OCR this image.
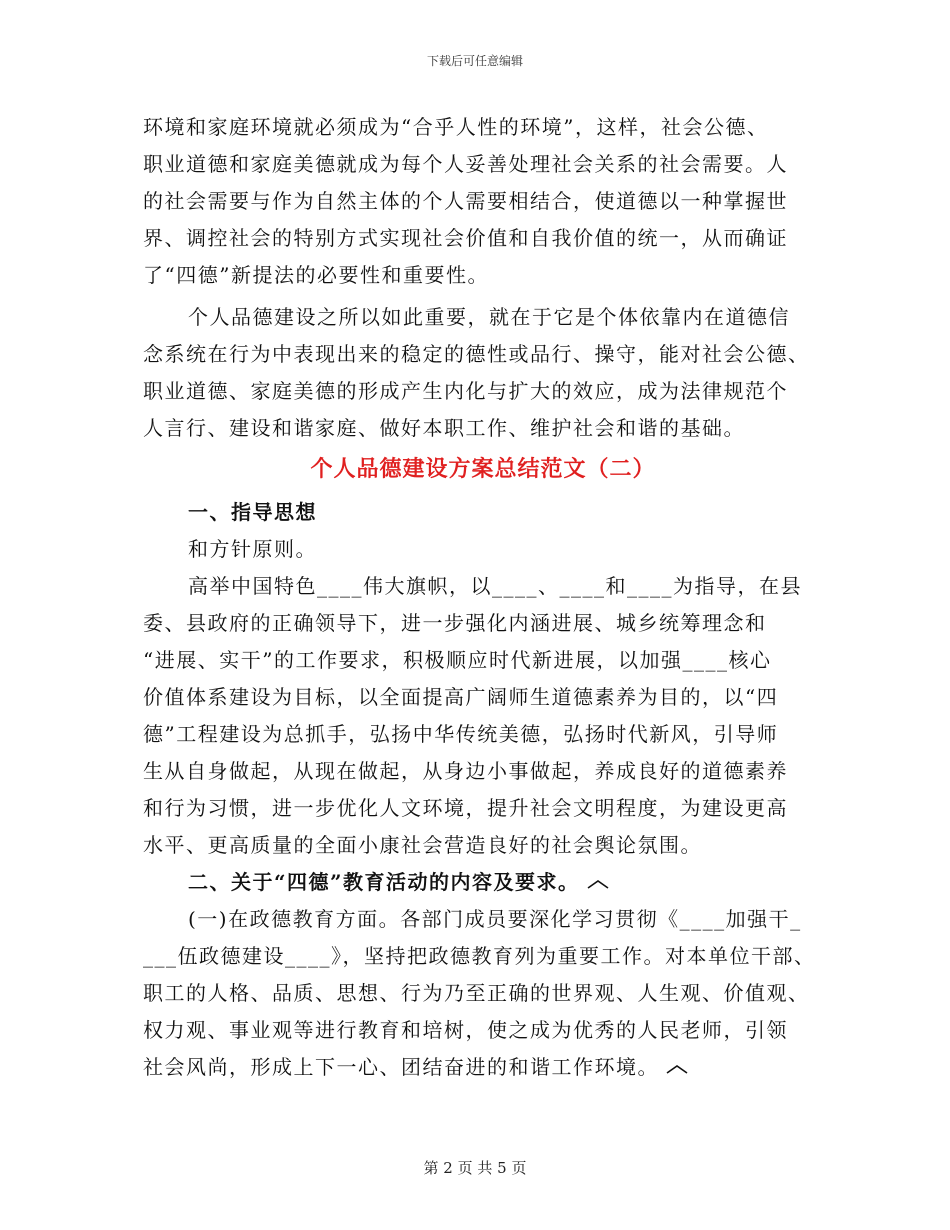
下载后可任意编辑
环境和家庭环境就必须成为“合乎人性的环境”，这样，社会公德、
职业道德和家庭美德就成为每个人妥善处理社会关系的社会需要。人
的社会需要与作为自然主体的个人需要相结合，使道德以一种掌握世
界、调控社会的特别方式实现社会价值和自我价值的统一，从而确证
了“四德”新提法的必要性和重要性。
个人品德建设之所以如此重要，就在于它是个体依靠内在道德信
念系统在行为中表现出来的稳定的德性或品行、操守，能对社会公德、
职业道德、家庭美德的形成产生内化与扩大的效应，成为法律规范个
人言行、建设和谐家庭、做好本职工作、维护社会和谐的基础。
个人品德建设方案总结范文（二）
一、指导思想
和方针原则。
高举中国特色____伟大旗帜，以____、____和____为指导，在县
委、县政府的正确领导下，进一步强化内涵进展、城乡统筹理念和
“进展、实干”的工作要求，积极顺应时代新进展，以加强____核心
价值体系建设为目标，以全面提高广阔师生道德素养为目的，以“四
德”工程建设为总抓手，弘扬中华传统美德，弘扬时代新风，引导师
生从自身做起，从现在做起，从身边小事做起，养成良好的道德素养
和行为习惯，进一步优化人文环境，提升社会文明程度，为建设更高
水平、更高质量的全面小康社会营造良好的社会舆论氛围。
二、关于“四德”教育活动的内容及要求。
(一)在政德教育方面。各部门成员要深化学习贯彻《____加强干_
___伍政德建设____》，坚持把政德教育列为重要工作。对本单位干部、
职工的人格、品质、思想、行为乃至正确的世界观、人生观、价值观、
权力观、事业观等进行教育和培树，使之成为优秀的人民老师，引领
社会风尚，形成上下一心、团结奋进的和谐工作环境。
第 2 页 共 5 页
